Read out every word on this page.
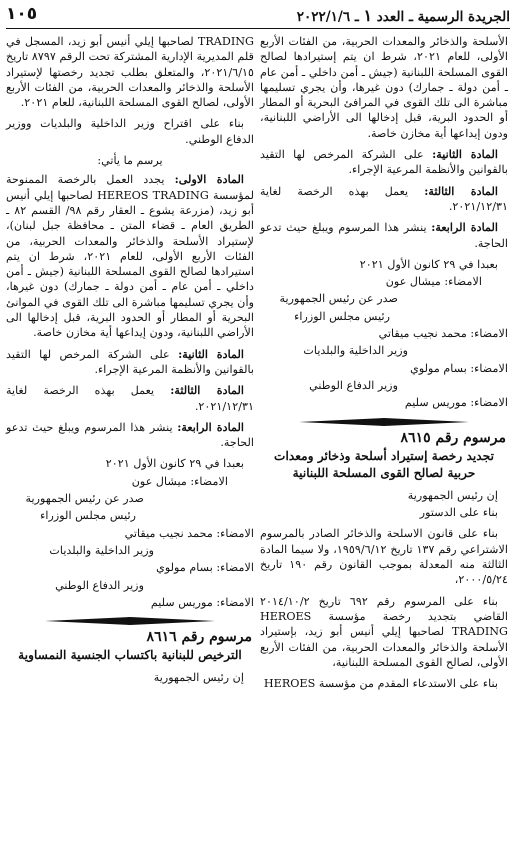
الجريدة الرسمية ـ العدد ١ ـ ٢٠٢٢/١/٦
١٠٥

الأسلحة والذخائر والمعدات الحربية، من الفئات الأربع الأولى، للعام ٢٠٢١، شرط ان يتم إستيرادها لصالح القوى المسلحة اللبنانية (جيش ـ أمن داخلي ـ أمن عام ـ أمن دولة ـ جمارك) دون غيرها، وأن يجري تسليمها مباشرة الى تلك القوى في المرافئ البحرية أو المطار أو الحدود البرية، قبل إدخالها الى الأراضي اللبنانية، ودون إيداعها أية مخازن خاصة.

المادة الثانية: على الشركة المرخص لها التقيد بالقوانين والأنظمة المرعية الإجراء.

المادة الثالثة: يعمل بهذه الرخصة لغاية ٢٠٢١/١٢/٣١.

المادة الرابعة: ينشر هذا المرسوم ويبلغ حيث تدعو الحاجة.

بعبدا في ٢٩ كانون الأول ٢٠٢١
الامضاء: ميشال عون
صدر عن رئيس الجمهورية
رئيس مجلس الوزراء
الامضاء: محمد نجيب ميقاتي
وزير الداخلية والبلديات
الامضاء: بسام مولوي
وزير الدفاع الوطني
الامضاء: موريس سليم
مرسوم رقم ٨٦١٥
تجديد رخصة إستيراد أسلحة وذخائر ومعدات حربية لصالح القوى المسلحة اللبنانية
إن رئيس الجمهورية
بناء على الدستور

بناء على قانون الاسلحة والذخائر الصادر بالمرسوم الاشتراعي رقم ١٣٧ تاريخ ١٩٥٩/٦/١٢، ولا سيما المادة الثالثة منه المعدلة بموجب القانون رقم ١٩٠ تاريخ ٢٠٠٠/٥/٢٤،

بناء على المرسوم رقم ٦٩٢ تاريخ ٢٠١٤/١٠/٢ القاضي بتجديد رخصة مؤسسة HEROES TRADING لصاحبها إيلي أنيس أبو زيد، بإستيراد الأسلحة والذخائر والمعدات الحربية، من الفئات الأربع الأولى، لصالح القوى المسلحة اللبنانية،

بناء على الاستدعاء المقدم من مؤسسة HEROES

TRADING لصاحبها إيلي أنيس أبو زيد، المسجل في قلم المديرية الإدارية المشتركة تحت الرقم ٨٧٩٧ تاريخ ٢٠٢١/٦/١٥، والمتعلق بطلب تجديد رخصتها لإستيراد الأسلحة والذخائر والمعدات الحربية، من الفئات الأربع الأولى، لصالح القوى المسلحة اللبنانية، للعام ٢٠٢١.

بناء على اقتراح وزير الداخلية والبلديات ووزير الدفاع الوطني.

يرسم ما يأتي:

المادة الاولى: يجدد العمل بالرخصة الممنوحة لمؤسسة HEREOS TRADING لصاحبها إيلي أنيس أبو زيد، (مزرعة يشوع ـ العقار رقم ٩٨/ القسم ٨٢ ـ الطريق العام ـ قضاء المتن ـ محافظة جبل لبنان)، لإستيراد الأسلحة والذخائر والمعدات الحربية، من الفئات الأربع الأولى، للعام ٢٠٢١، شرط ان يتم استيرادها لصالح القوى المسلحة اللبنانية (جيش ـ أمن داخلي ـ أمن عام ـ أمن دولة ـ جمارك) دون غيرها، وأن يجري تسليمها مباشرة الى تلك القوى في الموانئ البحرية أو المطار أو الحدود البرية، قبل إدخالها الى الأراضي اللبنانية، ودون إيداعها أية مخازن خاصة.

المادة الثانية: على الشركة المرخص لها التقيد بالقوانين والأنظمة المرعية الإجراء.

المادة الثالثة: يعمل بهذه الرخصة لغاية ٢٠٢١/١٢/٣١.

المادة الرابعة: ينشر هذا المرسوم ويبلغ حيث تدعو الحاجة.

بعبدا في ٢٩ كانون الأول ٢٠٢١
الامضاء: ميشال عون
صدر عن رئيس الجمهورية
رئيس مجلس الوزراء
الامضاء: محمد نجيب ميقاتي
وزير الداخلية والبلديات
الامضاء: بسام مولوي
وزير الدفاع الوطني
الامضاء: موريس سليم
مرسوم رقم ٨٦١٦
الترخيص للبنانية باكتساب الجنسية النمساوية
إن رئيس الجمهورية
